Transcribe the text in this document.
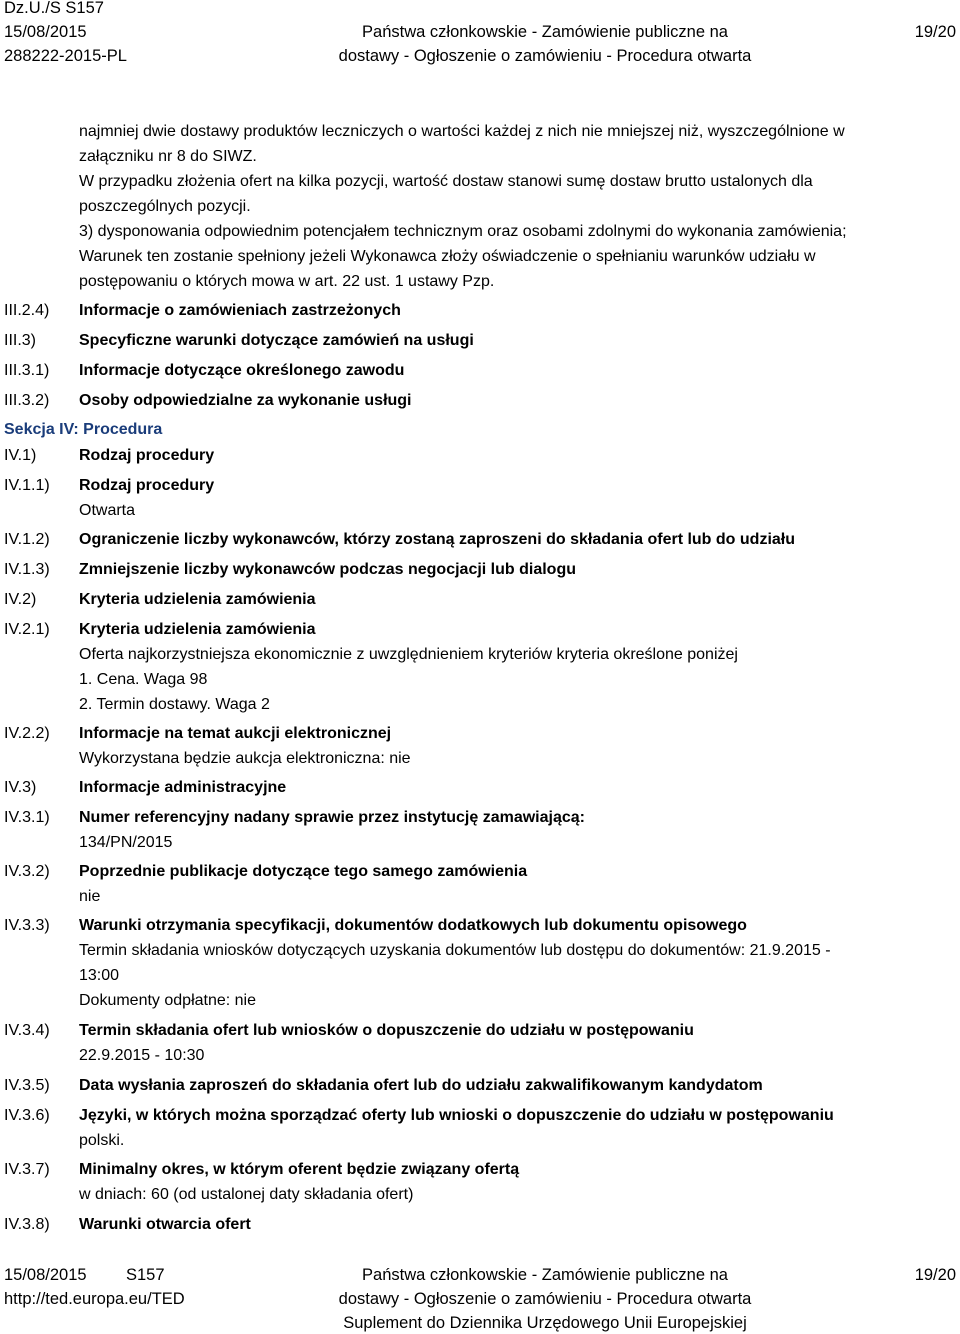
Dz.U./S S157
15/08/2015
288222-2015-PL
Państwa członkowskie - Zamówienie publiczne na
dostawy - Ogłoszenie o zamówieniu - Procedura otwarta
19/20

najmniej dwie dostawy produktów leczniczych o wartości każdej z nich nie mniejszej niż, wyszczególnione w

załączniku nr 8 do SIWZ.

W przypadku złożenia ofert na kilka pozycji, wartość dostaw stanowi sumę dostaw brutto ustalonych dla

poszczególnych pozycji.

3) dysponowania odpowiednim potencjałem technicznym oraz osobami zdolnymi do wykonania zamówienia;

Warunek ten zostanie spełniony jeżeli Wykonawca złoży oświadczenie o spełnianiu warunków udziału w

postępowaniu o których mowa w art. 22 ust. 1 ustawy Pzp.

III.2.4) Informacje o zamówieniach zastrzeżonych
III.3)	Specyficzne warunki dotyczące zamówień na usługi
III.3.1) Informacje dotyczące określonego zawodu
III.3.2) Osoby odpowiedzialne za wykonanie usługi
IV.1)	Rodzaj procedury
IV.1.1) Rodzaj procedury
Otwarta
IV.1.2) Ograniczenie liczby wykonawców, którzy zostaną zaproszeni do składania ofert lub do udziału
IV.1.3) Zmniejszenie liczby wykonawców podczas negocjacji lub dialogu
IV.2)	Kryteria udzielenia zamówienia
IV.2.1) Kryteria udzielenia zamówienia
Oferta najkorzystniejsza ekonomicznie z uwzględnieniem kryteriów kryteria określone poniżej
1. Cena. Waga 98
2. Termin dostawy. Waga 2
IV.2.2) Informacje na temat aukcji elektronicznej
Wykorzystana będzie aukcja elektroniczna: nie
IV.3)	Informacje administracyjne
IV.3.1) Numer referencyjny nadany sprawie przez instytucję zamawiającą:
134/PN/2015
IV.3.2) Poprzednie publikacje dotyczące tego samego zamówienia
nie
IV.3.3) Warunki otrzymania specyfikacji, dokumentów dodatkowych lub dokumentu opisowego
Termin składania wniosków dotyczących uzyskania dokumentów lub dostępu do dokumentów: 21.9.2015 -
13:00
Dokumenty odpłatne: nie
IV.3.4) Termin składania ofert lub wniosków o dopuszczenie do udziału w postępowaniu
22.9.2015 - 10:30
IV.3.5) Data wysłania zaproszeń do składania ofert lub do udziału zakwalifikowanym kandydatom
IV.3.6) Języki, w których można sporządzać oferty lub wnioski o dopuszczenie do udziału w postępowaniu
polski.
IV.3.7) Minimalny okres, w którym oferent będzie związany ofertą
w dniach: 60 (od ustalonej daty składania ofert)
IV.3.8) Warunki otwarcia ofert
Sekcja IV: Procedura
15/08/2015 S157
http://ted.europa.eu/TED
Państwa członkowskie - Zamówienie publiczne na
dostawy - Ogłoszenie o zamówieniu - Procedura otwarta
Suplement do Dziennika Urzędowego Unii Europejskiej
19/20
